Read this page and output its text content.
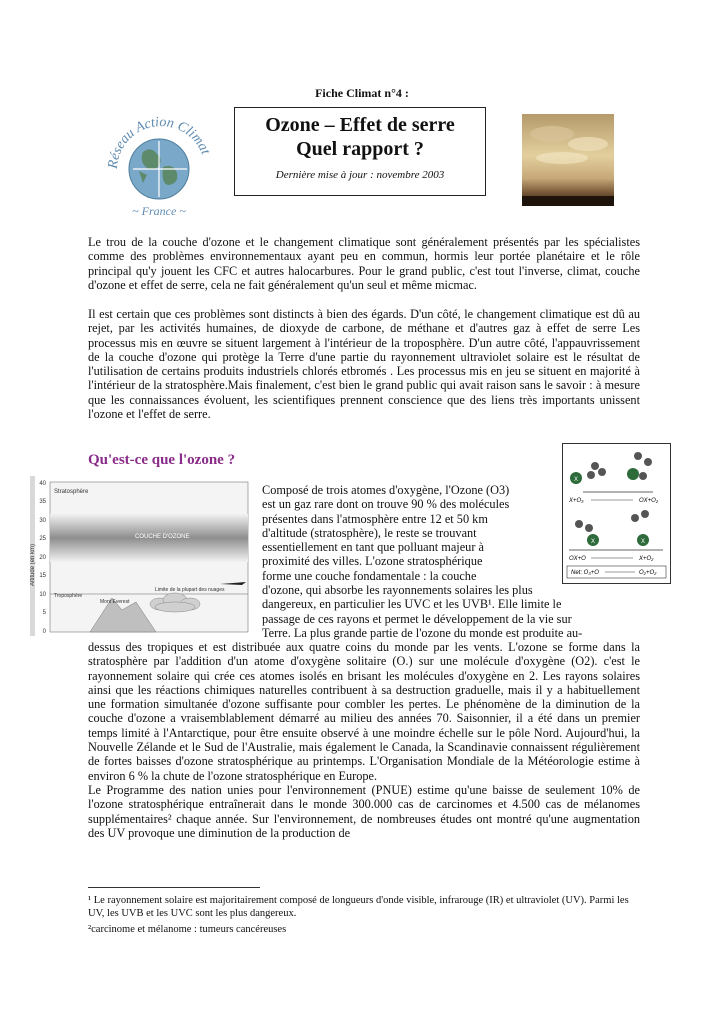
Fiche Climat n°4 :
Réseau Action Climat
~ France ~
Ozone – Effet de serre
Quel rapport ?
Dernière mise à jour : novembre 2003
Le trou de la couche d'ozone et le changement climatique sont généralement présentés par les spécialistes comme des problèmes environnementaux ayant peu en commun, hormis leur portée planétaire et le rôle principal qu'y jouent les CFC et autres halocarbures. Pour le grand public, c'est tout l'inverse, climat, couche d'ozone et effet de serre, cela ne fait généralement qu'un seul et même micmac.
Il est certain que ces problèmes sont distincts à bien des égards. D'un côté, le changement climatique est dû au rejet, par les activités humaines, de dioxyde de carbone, de méthane et d'autres gaz à effet de serre Les processus mis en œuvre se situent largement à l'intérieur de la troposphère. D'un autre côté, l'appauvrissement de la couche d'ozone qui protège la Terre d'une partie du rayonnement ultraviolet solaire est le résultat de l'utilisation de certains produits industriels chlorés etbromés . Les processus mis en jeu se situent en majorité à l'intérieur de la stratosphère.Mais finalement, c'est bien le grand public qui avait raison sans le savoir : à mesure que les connaissances évoluent, les scientifiques prennent conscience que des liens très importants unissent l'ozone et l'effet de serre.
Qu'est-ce que l'ozone ?
X
X+O₃	OX+O₂
X	X
OX+O	X+O₂
Net: O₃+O	O₂+O₂
40
35
30
25
20
15
10
5
0
Altitude (en km)
Stratosphère
COUCHE D'OZONE
Limite de la plupart des nuages
Troposphère
Mont Everest
Composé de trois atomes d'oxygène, l'Ozone (O3)
est un gaz rare dont on trouve 90 % des molécules
présentes dans l'atmosphère entre 12 et 50 km
d'altitude (stratosphère), le reste se trouvant
essentiellement en tant que polluant majeur à
proximité des villes. L'ozone stratosphérique
forme une couche fondamentale : la couche
d'ozone, qui absorbe les rayonnements solaires les plus
dangereux, en particulier les UVC et les UVB¹. Elle limite le
passage de ces rayons et permet le développement de la vie sur
Terre. La plus grande partie de l'ozone du monde est produite au-
dessus des tropiques et est distribuée aux quatre coins du monde par les vents. L'ozone se forme dans la stratosphère par l'addition d'un atome d'oxygène solitaire (O.) sur une molécule d'oxygène (O2). c'est le rayonnement solaire qui crée ces atomes isolés en brisant les molécules d'oxygène en 2. Les rayons solaires ainsi que les réactions chimiques naturelles contribuent à sa destruction graduelle, mais il y a habituellement une formation simultanée d'ozone suffisante pour combler les pertes. Le phénomène de la diminution de la couche d'ozone a vraisemblablement démarré au milieu des années 70. Saisonnier, il a été dans un premier temps limité à l'Antarctique, pour être ensuite observé à une moindre échelle sur le pôle Nord. Aujourd'hui, la Nouvelle Zélande et le Sud de l'Australie, mais également le Canada, la Scandinavie connaissent régulièrement de fortes baisses d'ozone stratosphérique au printemps. L'Organisation Mondiale de la Météorologie estime à environ 6 % la chute de l'ozone stratosphérique en Europe.
Le Programme des nation unies pour l'environnement (PNUE) estime qu'une baisse de seulement 10% de l'ozone stratosphérique entraînerait dans le monde 300.000 cas de carcinomes et 4.500 cas de mélanomes supplémentaires² chaque année. Sur l'environnement, de nombreuses études ont montré qu'une augmentation des UV provoque une diminution de la production de
¹ Le rayonnement solaire est majoritairement composé de longueurs d'onde visible, infrarouge (IR) et ultraviolet (UV). Parmi les UV, les UVB et les UVC sont les plus dangereux.
²carcinome et mélanome : tumeurs cancéreuses
